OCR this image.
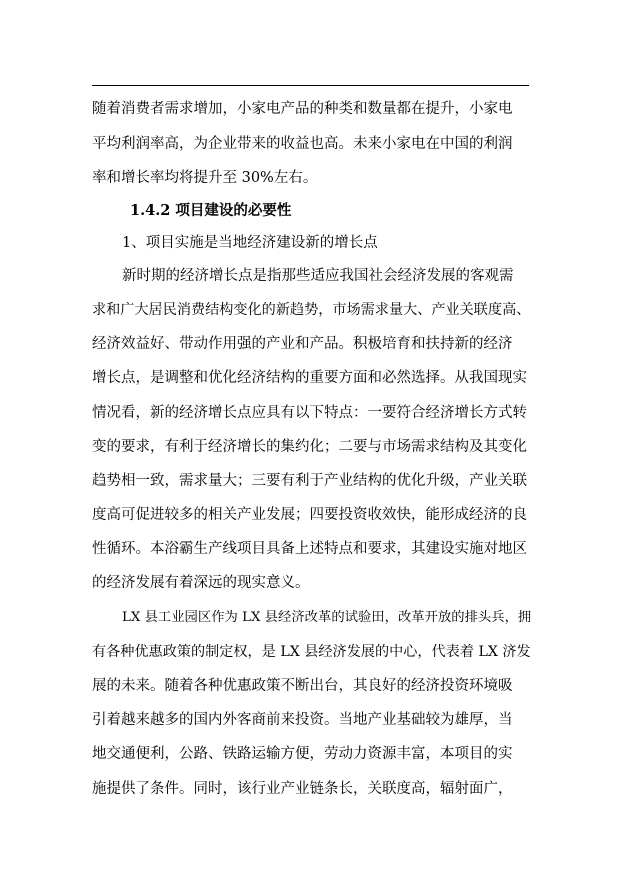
随着消费者需求增加，小家电产品的种类和数量都在提升，小家电
平均利润率高，为企业带来的收益也高。未来小家电在中国的利润
率和增长率均将提升至 30%左右。
1.4.2 项目建设的必要性
1、项目实施是当地经济建设新的增长点
新时期的经济增长点是指那些适应我国社会经济发展的客观需
求和广大居民消费结构变化的新趋势，市场需求量大、产业关联度高、
经济效益好、带动作用强的产业和产品。积极培育和扶持新的经济
增长点，是调整和优化经济结构的重要方面和必然选择。从我国现实
情况看，新的经济增长点应具有以下特点：一要符合经济增长方式转
变的要求，有利于经济增长的集约化；二要与市场需求结构及其变化
趋势相一致，需求量大；三要有利于产业结构的优化升级，产业关联
度高可促进较多的相关产业发展；四要投资收效快，能形成经济的良
性循环。本浴霸生产线项目具备上述特点和要求，其建设实施对地区
的经济发展有着深远的现实意义。
LX 县工业园区作为 LX 县经济改革的试验田，改革开放的排头兵，拥
有各种优惠政策的制定权，是 LX 县经济发展的中心，代表着 LX 济发
展的未来。随着各种优惠政策不断出台，其良好的经济投资环境吸
引着越来越多的国内外客商前来投资。当地产业基础较为雄厚，当
地交通便利，公路、铁路运输方便，劳动力资源丰富，本项目的实
施提供了条件。同时，该行业产业链条长，关联度高，辐射面广，
